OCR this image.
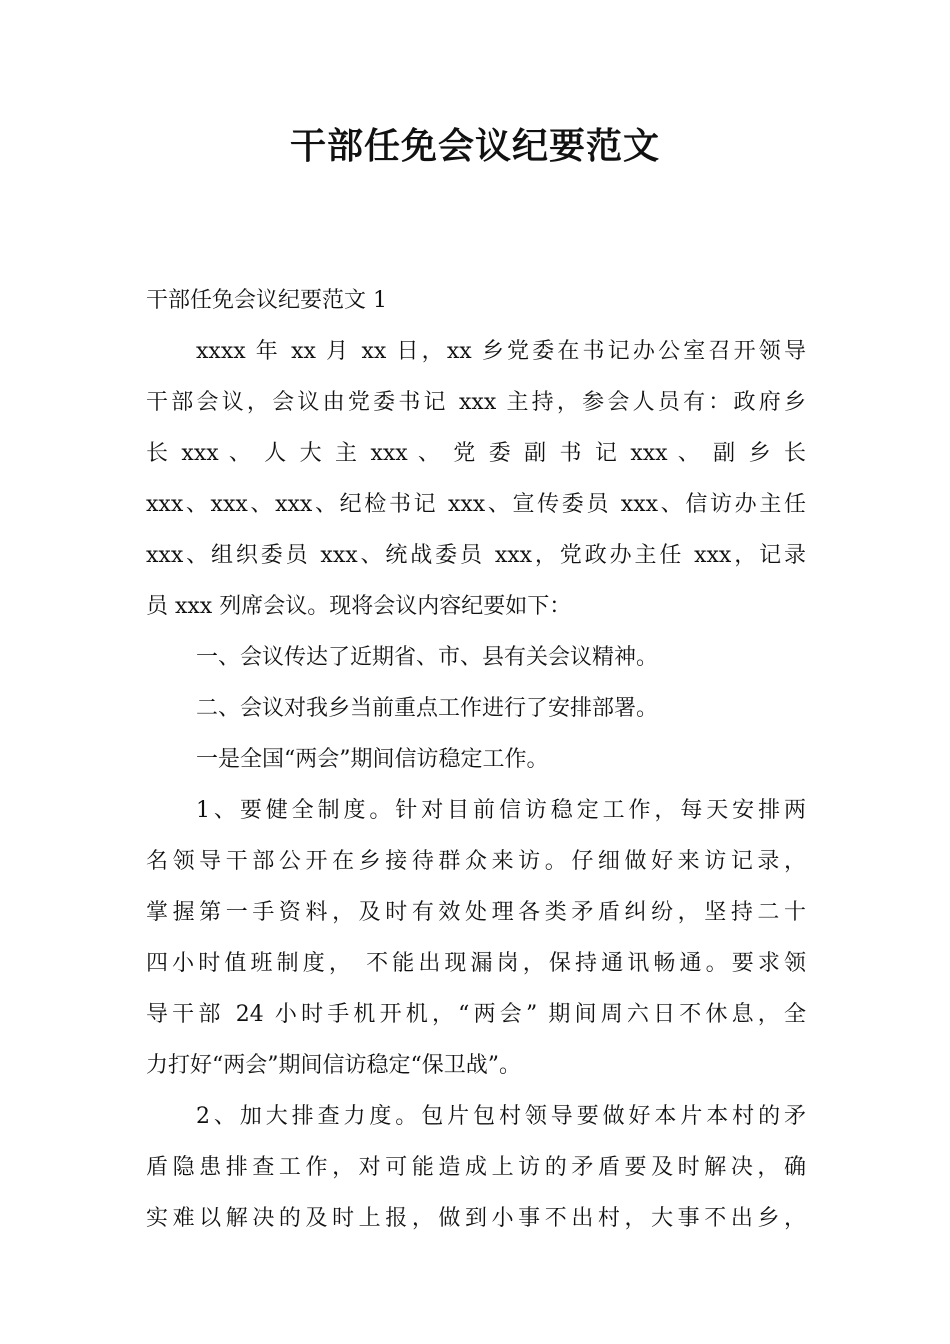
干部任免会议纪要范文
干部任免会议纪要范文 1
xxxx 年 xx 月 xx 日，xx 乡党委在书记办公室召开领导
干部会议，会议由党委书记 xxx 主持，参会人员有：政府乡
长 xxx 、 人 大 主 xxx 、 党 委 副 书 记 xxx 、 副 乡 长
xxx、xxx、xxx、纪检书记 xxx、宣传委员 xxx、信访办主任
xxx、组织委员 xxx、统战委员 xxx，党政办主任 xxx，记录
员 xxx 列席会议。现将会议内容纪要如下：
一、会议传达了近期省、市、县有关会议精神。
二、会议对我乡当前重点工作进行了安排部署。
一是全国“两会”期间信访稳定工作。
1、要健全制度。针对目前信访稳定工作，每天安排两
名领导干部公开在乡接待群众来访。仔细做好来访记录，
掌握第一手资料，及时有效处理各类矛盾纠纷，坚持二十
四小时值班制度， 不能出现漏岗，保持通讯畅通。要求领
导干部 24 小时手机开机，“两会” 期间周六日不休息，全
力打好“两会”期间信访稳定“保卫战”。
2、加大排查力度。包片包村领导要做好本片本村的矛
盾隐患排查工作，对可能造成上访的矛盾要及时解决，确
实难以解决的及时上报，做到小事不出村，大事不出乡，
